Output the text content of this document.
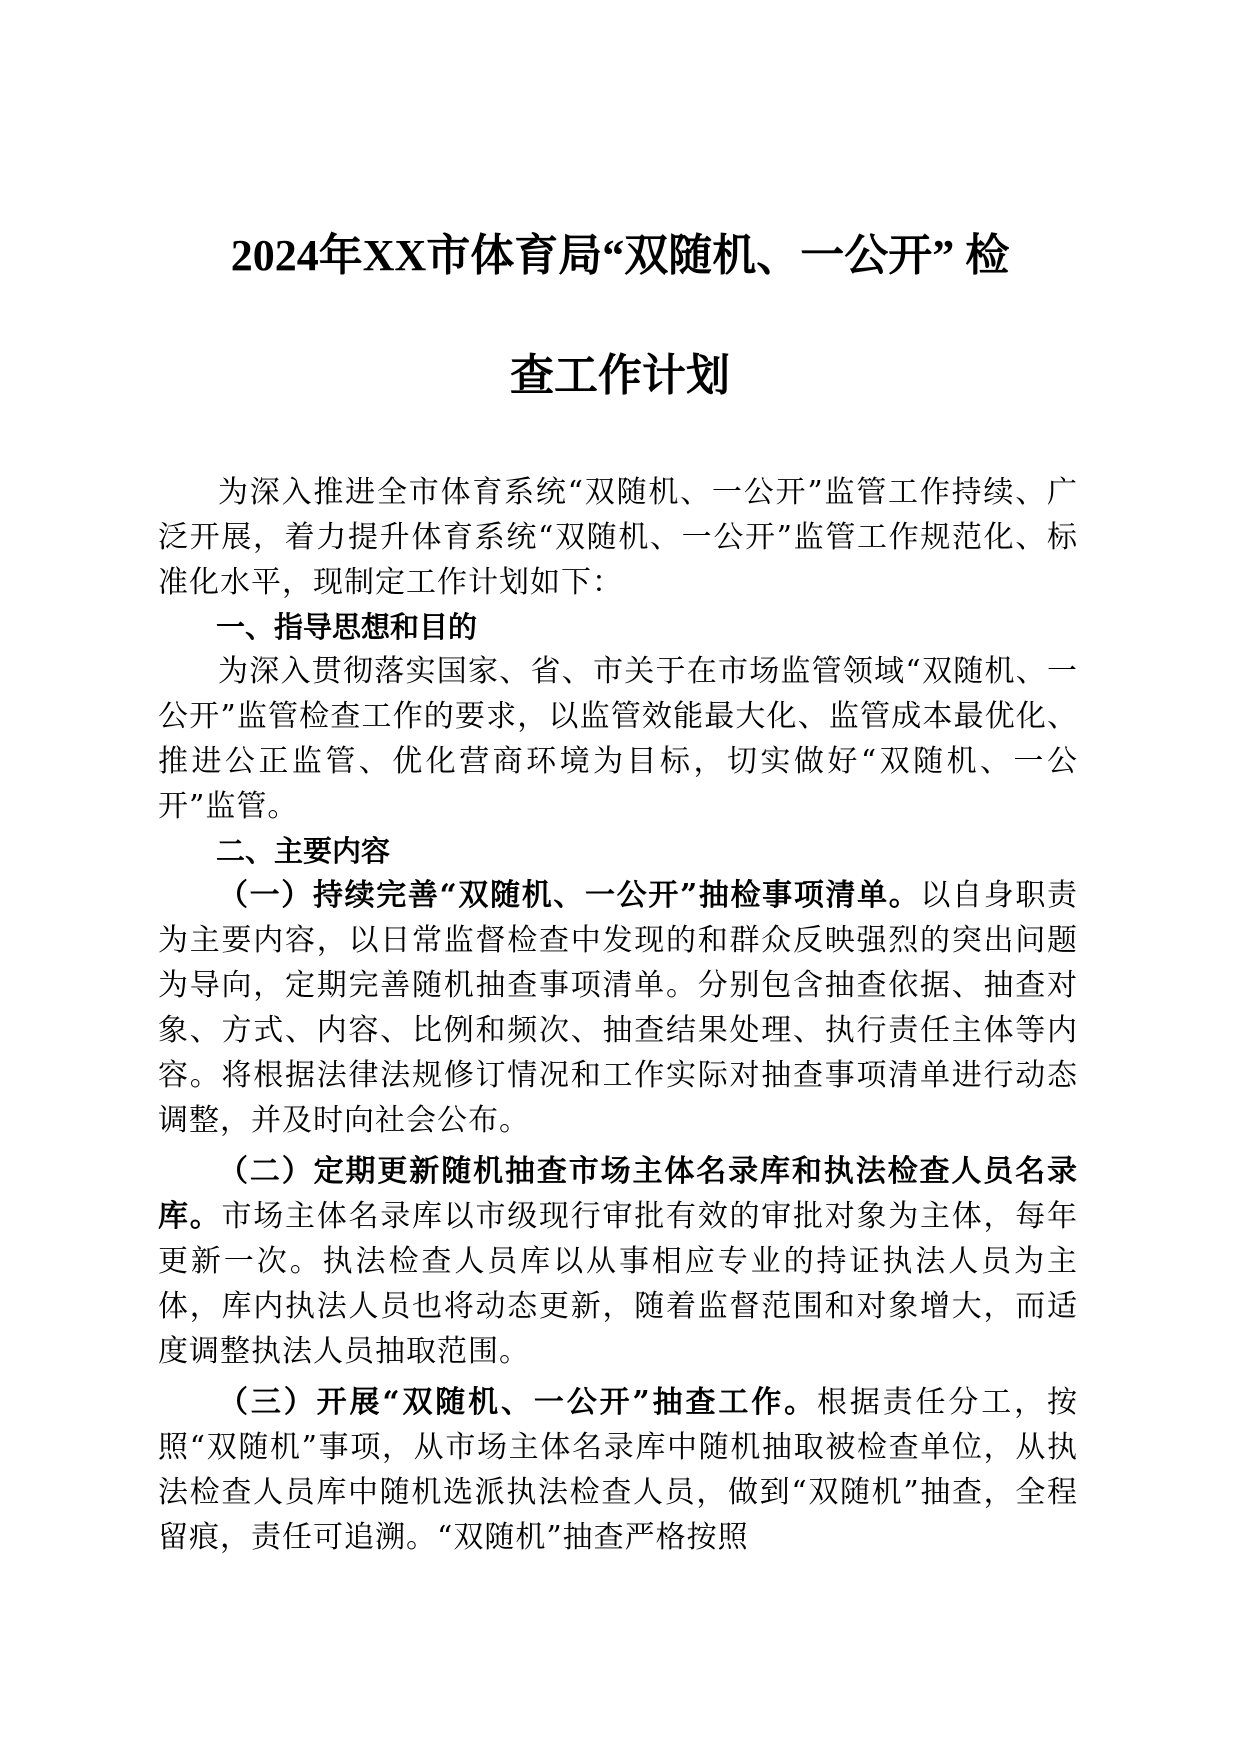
2024年XX市体育局“双随机、一公开” 检
查工作计划

为深入推进全市体育系统“双随机、一公开”监管工作持续、广泛开展，着力提升体育系统“双随机、一公开”监管工作规范化、标准化水平，现制定工作计划如下：

一、指导思想和目的

为深入贯彻落实国家、省、市关于在市场监管领域“双随机、一公开”监管检查工作的要求，以监管效能最大化、监管成本最优化、推进公正监管、优化营商环境为目标，切实做好“双随机、一公开”监管。

二、主要内容

（一）持续完善“双随机、一公开”抽检事项清单。以自身职责为主要内容，以日常监督检查中发现的和群众反映强烈的突出问题为导向，定期完善随机抽查事项清单。分别包含抽查依据、抽查对象、方式、内容、比例和频次、抽查结果处理、执行责任主体等内容。将根据法律法规修订情况和工作实际对抽查事项清单进行动态调整，并及时向社会公布。

（二）定期更新随机抽查市场主体名录库和执法检查人员名录库。市场主体名录库以市级现行审批有效的审批对象为主体，每年更新一次。执法检查人员库以从事相应专业的持证执法人员为主体，库内执法人员也将动态更新，随着监督范围和对象增大，而适度调整执法人员抽取范围。

（三）开展“双随机、一公开”抽查工作。根据责任分工，按照“双随机”事项，从市场主体名录库中随机抽取被检查单位，从执法检查人员库中随机选派执法检查人员，做到“双随机”抽查，全程留痕，责任可追溯。“双随机”抽查严格按照
